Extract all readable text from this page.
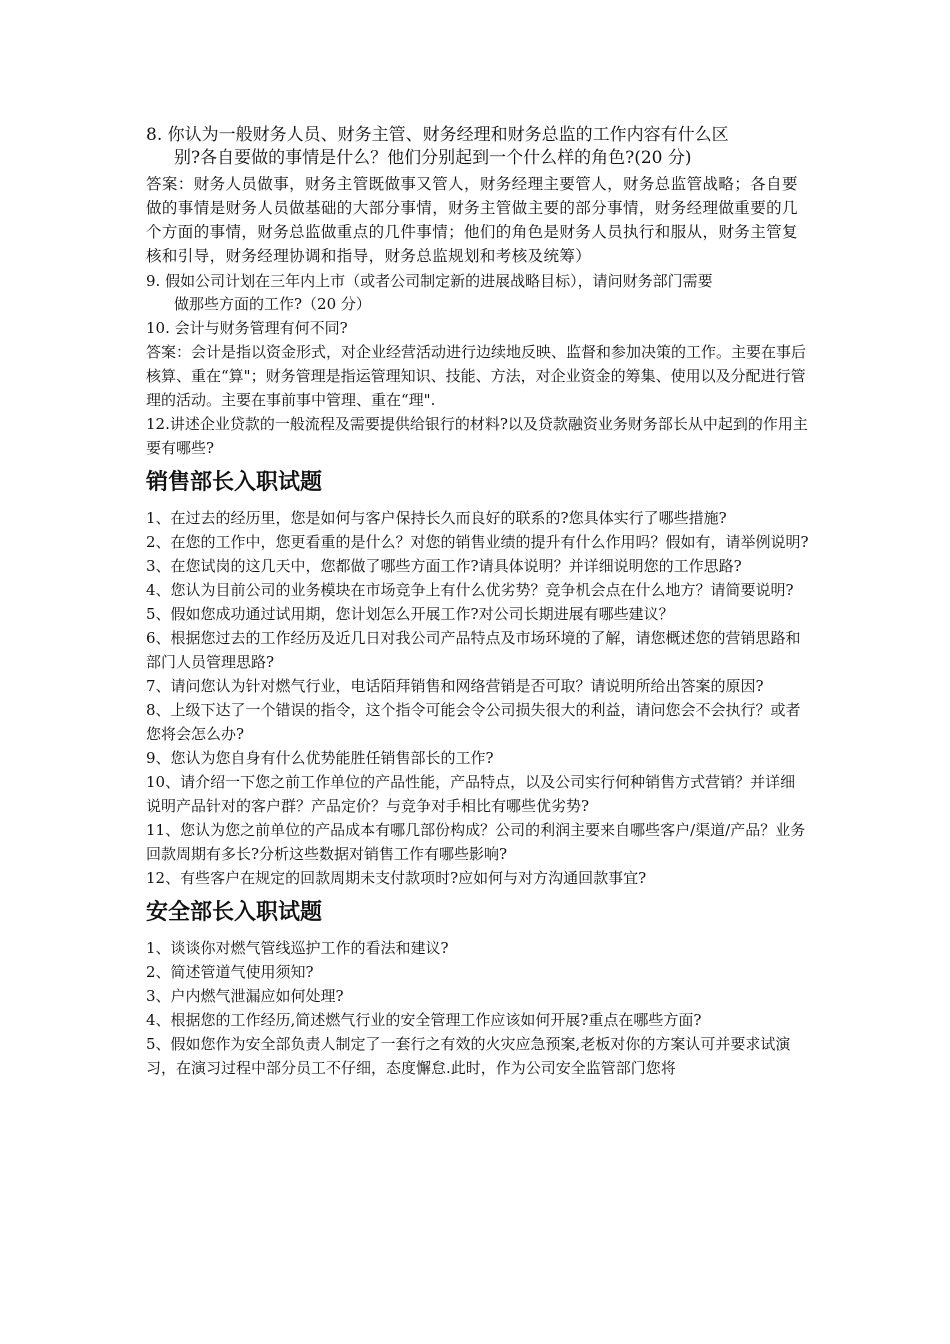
8. 你认为一般财务人员、财务主管、财务经理和财务总监的工作内容有什么区
别?各自要做的事情是什么？他们分别起到一个什么样的角色?(20 分)

答案：财务人员做事，财务主管既做事又管人，财务经理主要管人，财务总监管战略；各自要做的事情是财务人员做基础的大部分事情，财务主管做主要的部分事情，财务经理做重要的几个方面的事情，财务总监做重点的几件事情；他们的角色是财务人员执行和服从，财务主管复核和引导，财务经理协调和指导，财务总监规划和考核及统筹）

9. 假如公司计划在三年内上市（或者公司制定新的进展战略目标），请问财务部门需要
做那些方面的工作?（20 分）

10. 会计与财务管理有何不同?

答案：会计是指以资金形式，对企业经营活动进行边续地反映、监督和参加决策的工作。主要在事后核算、重在“算"；财务管理是指运管理知识、技能、方法，对企业资金的筹集、使用以及分配进行管理的活动。主要在事前事中管理、重在“理".

12.讲述企业贷款的一般流程及需要提供给银行的材料?以及贷款融资业务财务部长从中起到的作用主要有哪些?

销售部长入职试题

1、在过去的经历里，您是如何与客户保持长久而良好的联系的?您具体实行了哪些措施?

2、在您的工作中，您更看重的是什么？对您的销售业绩的提升有什么作用吗？假如有，请举例说明?

3、在您试岗的这几天中，您都做了哪些方面工作?请具体说明？并详细说明您的工作思路?

4、您认为目前公司的业务模块在市场竞争上有什么优劣势？竞争机会点在什么地方？请简要说明?

5、假如您成功通过试用期，您计划怎么开展工作?对公司长期进展有哪些建议？

6、根据您过去的工作经历及近几日对我公司产品特点及市场环境的了解，请您概述您的营销思路和部门人员管理思路?

7、请问您认为针对燃气行业，电话陌拜销售和网络营销是否可取？请说明所给出答案的原因?

8、上级下达了一个错误的指令，这个指令可能会令公司损失很大的利益，请问您会不会执行？或者您将会怎么办?

9、您认为您自身有什么优势能胜任销售部长的工作?

10、请介绍一下您之前工作单位的产品性能，产品特点，以及公司实行何种销售方式营销？并详细说明产品针对的客户群？产品定价？与竞争对手相比有哪些优劣势?

11、您认为您之前单位的产品成本有哪几部份构成？公司的利润主要来自哪些客户/渠道/产品？业务回款周期有多长?分析这些数据对销售工作有哪些影响?

12、有些客户在规定的回款周期未支付款项时?应如何与对方沟通回款事宜?

安全部长入职试题

1、谈谈你对燃气管线巡护工作的看法和建议?

2、简述管道气使用须知?

3、户内燃气泄漏应如何处理?

4、根据您的工作经历,简述燃气行业的安全管理工作应该如何开展?重点在哪些方面?

5、假如您作为安全部负责人制定了一套行之有效的火灾应急预案,老板对你的方案认可并要求试演习，在演习过程中部分员工不仔细，态度懈怠.此时，作为公司安全监管部门您将
